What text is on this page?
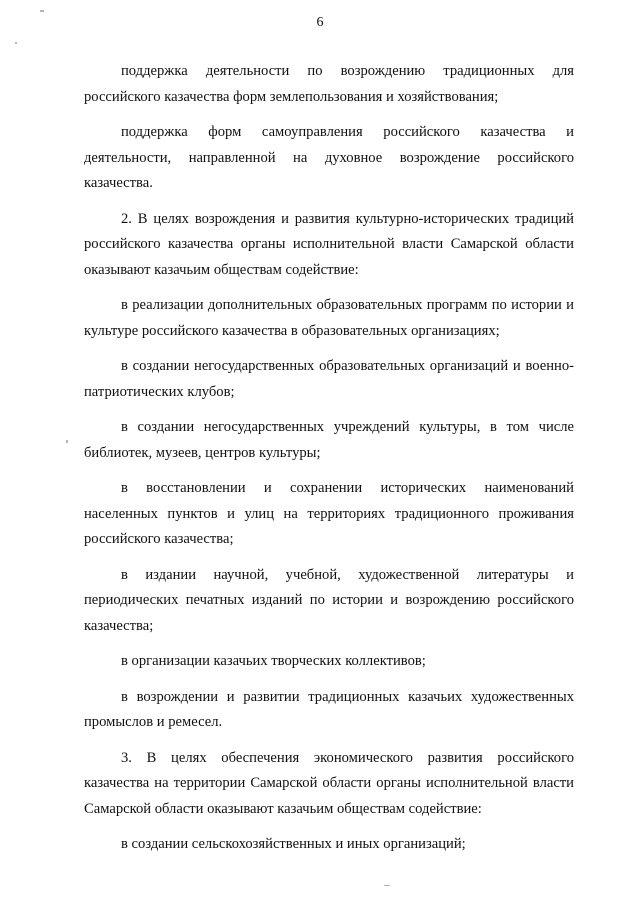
6

поддержка деятельности по возрождению традиционных для российского казачества форм землепользования и хозяйствования;

поддержка форм самоуправления российского казачества и деятельности, направленной на духовное возрождение российского казачества.

2. В целях возрождения и развития культурно-исторических традиций российского казачества органы исполнительной власти Самарской области оказывают казачьим обществам содействие:

в реализации дополнительных образовательных программ по истории и культуре российского казачества в образовательных организациях;

в создании негосударственных образовательных организаций и военно-патриотических клубов;

в создании негосударственных учреждений культуры, в том числе библиотек, музеев, центров культуры;

в восстановлении и сохранении исторических наименований населенных пунктов и улиц на территориях традиционного проживания российского казачества;

в издании научной, учебной, художественной литературы и периодических печатных изданий по истории и возрождению российского казачества;

в организации казачьих творческих коллективов;

в возрождении и развитии традиционных казачьих художественных промыслов и ремесел.

3. В целях обеспечения экономического развития российского казачества на территории Самарской области органы исполнительной власти Самарской области оказывают казачьим обществам содействие:

в создании сельскохозяйственных и иных организаций;
